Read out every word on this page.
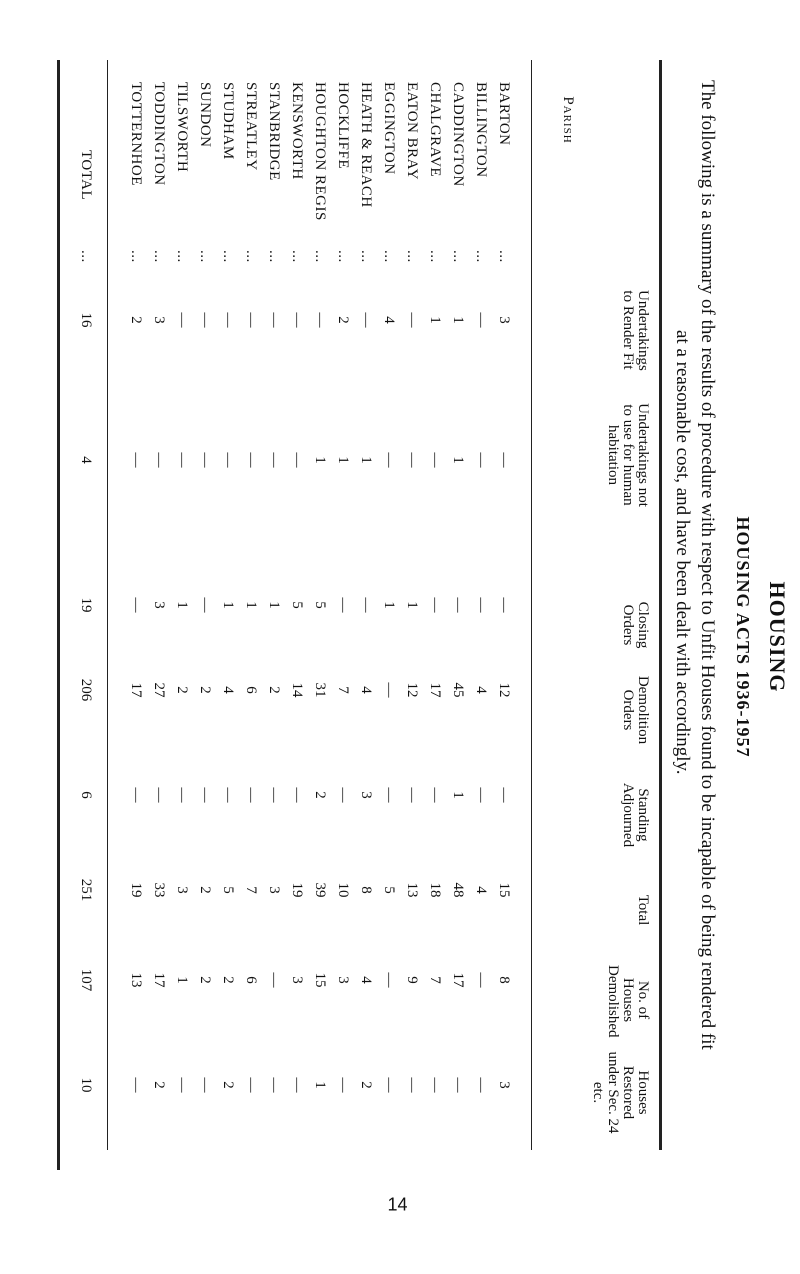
HOUSING
HOUSING ACTS 1936-1957
The following is a summary of the results of procedure with respect to Unfit Houses found to be incapable of being rendered fit
at a reasonable cost, and have been dealt with accordingly.
Parish
Undertakings to Render Fit
Undertakings not to use for human habitation
Closing Orders
Demolition Orders
Standing Adjourned
Total
No. of Houses Demolished
Houses Restored under Sec. 24 etc.
BARTON
...
3
—
—
12
—
15
8
3
BILLINGTON
...
—
—
—
4
—
4
—
—
CADDINGTON
...
1
1
—
45
1
48
17
—
CHALGRAVE
...
1
—
—
17
—
18
7
—
EATON BRAY
...
—
—
1
12
—
13
9
—
EGGINGTON
...
4
—
1
—
—
5
—
—
HEATH & REACH
...
—
1
—
4
3
8
4
2
HOCKLIFFE
...
2
1
—
7
—
10
3
—
HOUGHTON REGIS
...
—
1
5
31
2
39
15
1
KENSWORTH
...
—
—
5
14
—
19
3
—
STANBRIDGE
...
—
—
1
2
—
3
—
—
STREATLEY
...
—
—
1
6
—
7
6
—
STUDHAM
...
—
—
1
4
—
5
2
2
SUNDON
...
—
—
—
2
—
2
2
—
TILSWORTH
...
—
—
1
2
—
3
1
—
TODDINGTON
...
3
—
3
27
—
33
17
2
TOTTERNHOE
...
2
—
—
17
—
19
13
—
TOTAL
...
16
4
19
206
6
251
107
10
14
